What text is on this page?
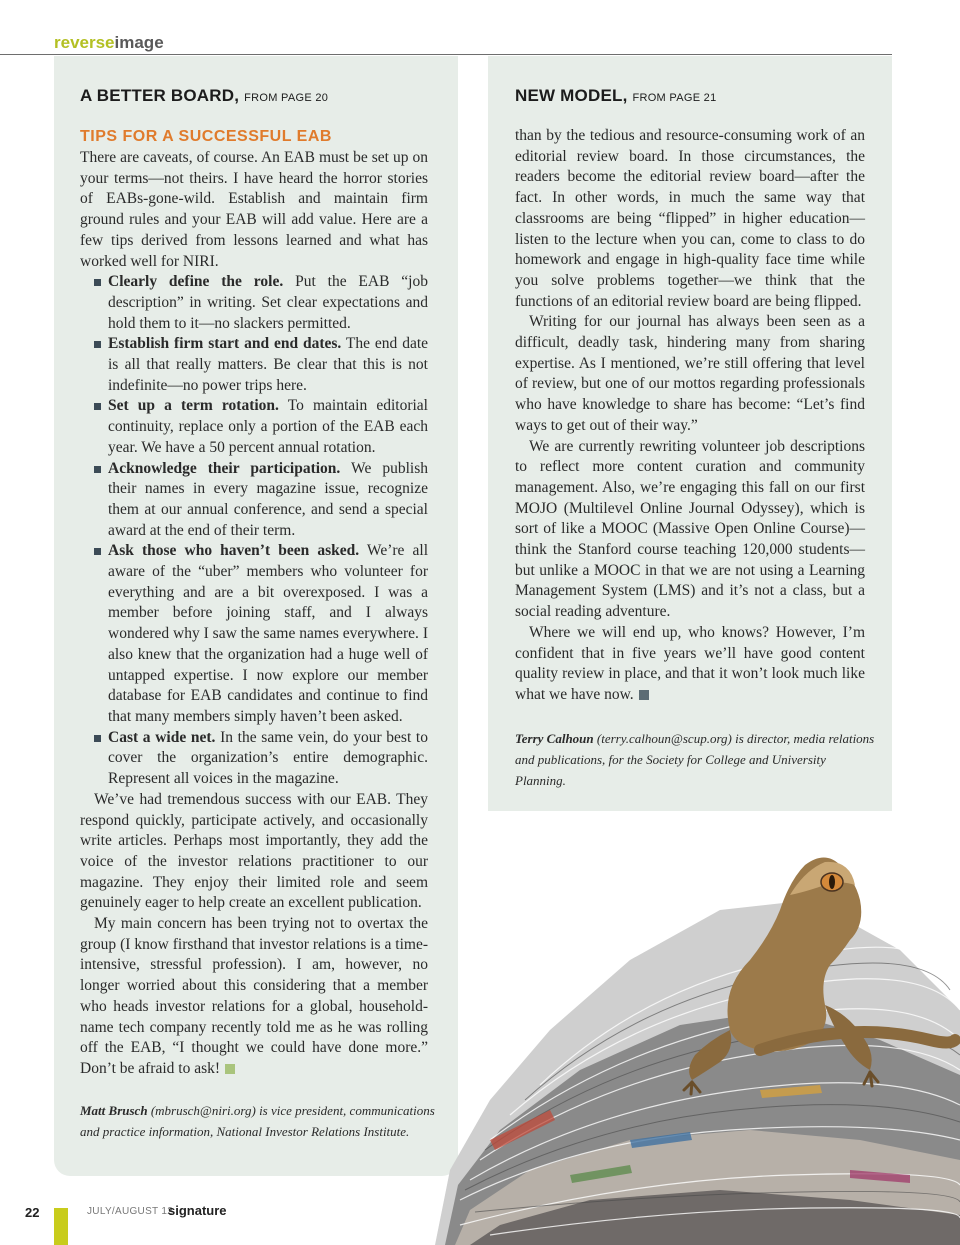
reverseimage
A BETTER BOARD, FROM PAGE 20
TIPS FOR A SUCCESSFUL EAB

There are caveats, of course. An EAB must be set up on your terms—not theirs. I have heard the horror stories of EABs-gone-wild. Establish and maintain firm ground rules and your EAB will add value. Here are a few tips derived from lessons learned and what has worked well for NIRI.

Clearly define the role. Put the EAB “job description” in writing. Set clear expectations and hold them to it—no slackers permitted.
Establish firm start and end dates. The end date is all that really matters. Be clear that this is not indefinite—no power trips here.
Set up a term rotation. To maintain editorial continuity, replace only a portion of the EAB each year. We have a 50 percent annual rotation.
Acknowledge their participation. We publish their names in every magazine issue, recognize them at our annual conference, and send a special award at the end of their term.
Ask those who haven’t been asked. We’re all aware of the “uber” members who volunteer for everything and are a bit overexposed. I was a member before joining staff, and I always wondered why I saw the same names everywhere. I also knew that the organization had a huge well of untapped expertise. I now explore our member database for EAB candidates and continue to find that many members simply haven’t been asked.
Cast a wide net. In the same vein, do your best to cover the organization’s entire demographic. Represent all voices in the magazine.

We’ve had tremendous success with our EAB. They respond quickly, participate actively, and occasionally write articles. Perhaps most importantly, they add the voice of the investor relations practitioner to our magazine. They enjoy their limited role and seem genuinely eager to help create an excellent publication.

My main concern has been trying not to overtax the group (I know firsthand that investor relations is a time-intensive, stressful profession). I am, however, no longer worried about this considering that a member who heads investor relations for a global, household-name tech company recently told me as he was rolling off the EAB, “I thought we could have done more.” Don’t be afraid to ask!

Matt Brusch (mbrusch@niri.org) is vice president, communications and practice information, National Investor Relations Institute.

NEW MODEL, FROM PAGE 21

than by the tedious and resource-consuming work of an editorial review board. In those circumstances, the readers become the editorial review board—after the fact. In other words, in much the same way that classrooms are being “flipped” in higher education—listen to the lecture when you can, come to class to do homework and engage in high-quality face time while you solve problems together—we think that the functions of an editorial review board are being flipped.

Writing for our journal has always been seen as a difficult, deadly task, hindering many from sharing expertise. As I mentioned, we’re still offering that level of review, but one of our mottos regarding professionals who have knowledge to share has become: “Let’s find ways to get out of their way.”

We are currently rewriting volunteer job descriptions to reflect more content curation and community management. Also, we’re engaging this fall on our first MOJO (Multilevel Online Journal Odyssey), which is sort of like a MOOC (Massive Open Online Course)—think the Stanford course teaching 120,000 students—but unlike a MOOC in that we are not using a Learning Management System (LMS) and it’s not a class, but a social reading adventure.

Where we will end up, who knows? However, I’m confident that in five years we’ll have good content quality review in place, and that it won’t look much like what we have now.

Terry Calhoun (terry.calhoun@scup.org) is director, media relations and publications, for the Society for College and University Planning.

22	JULY/AUGUST 12
signature
